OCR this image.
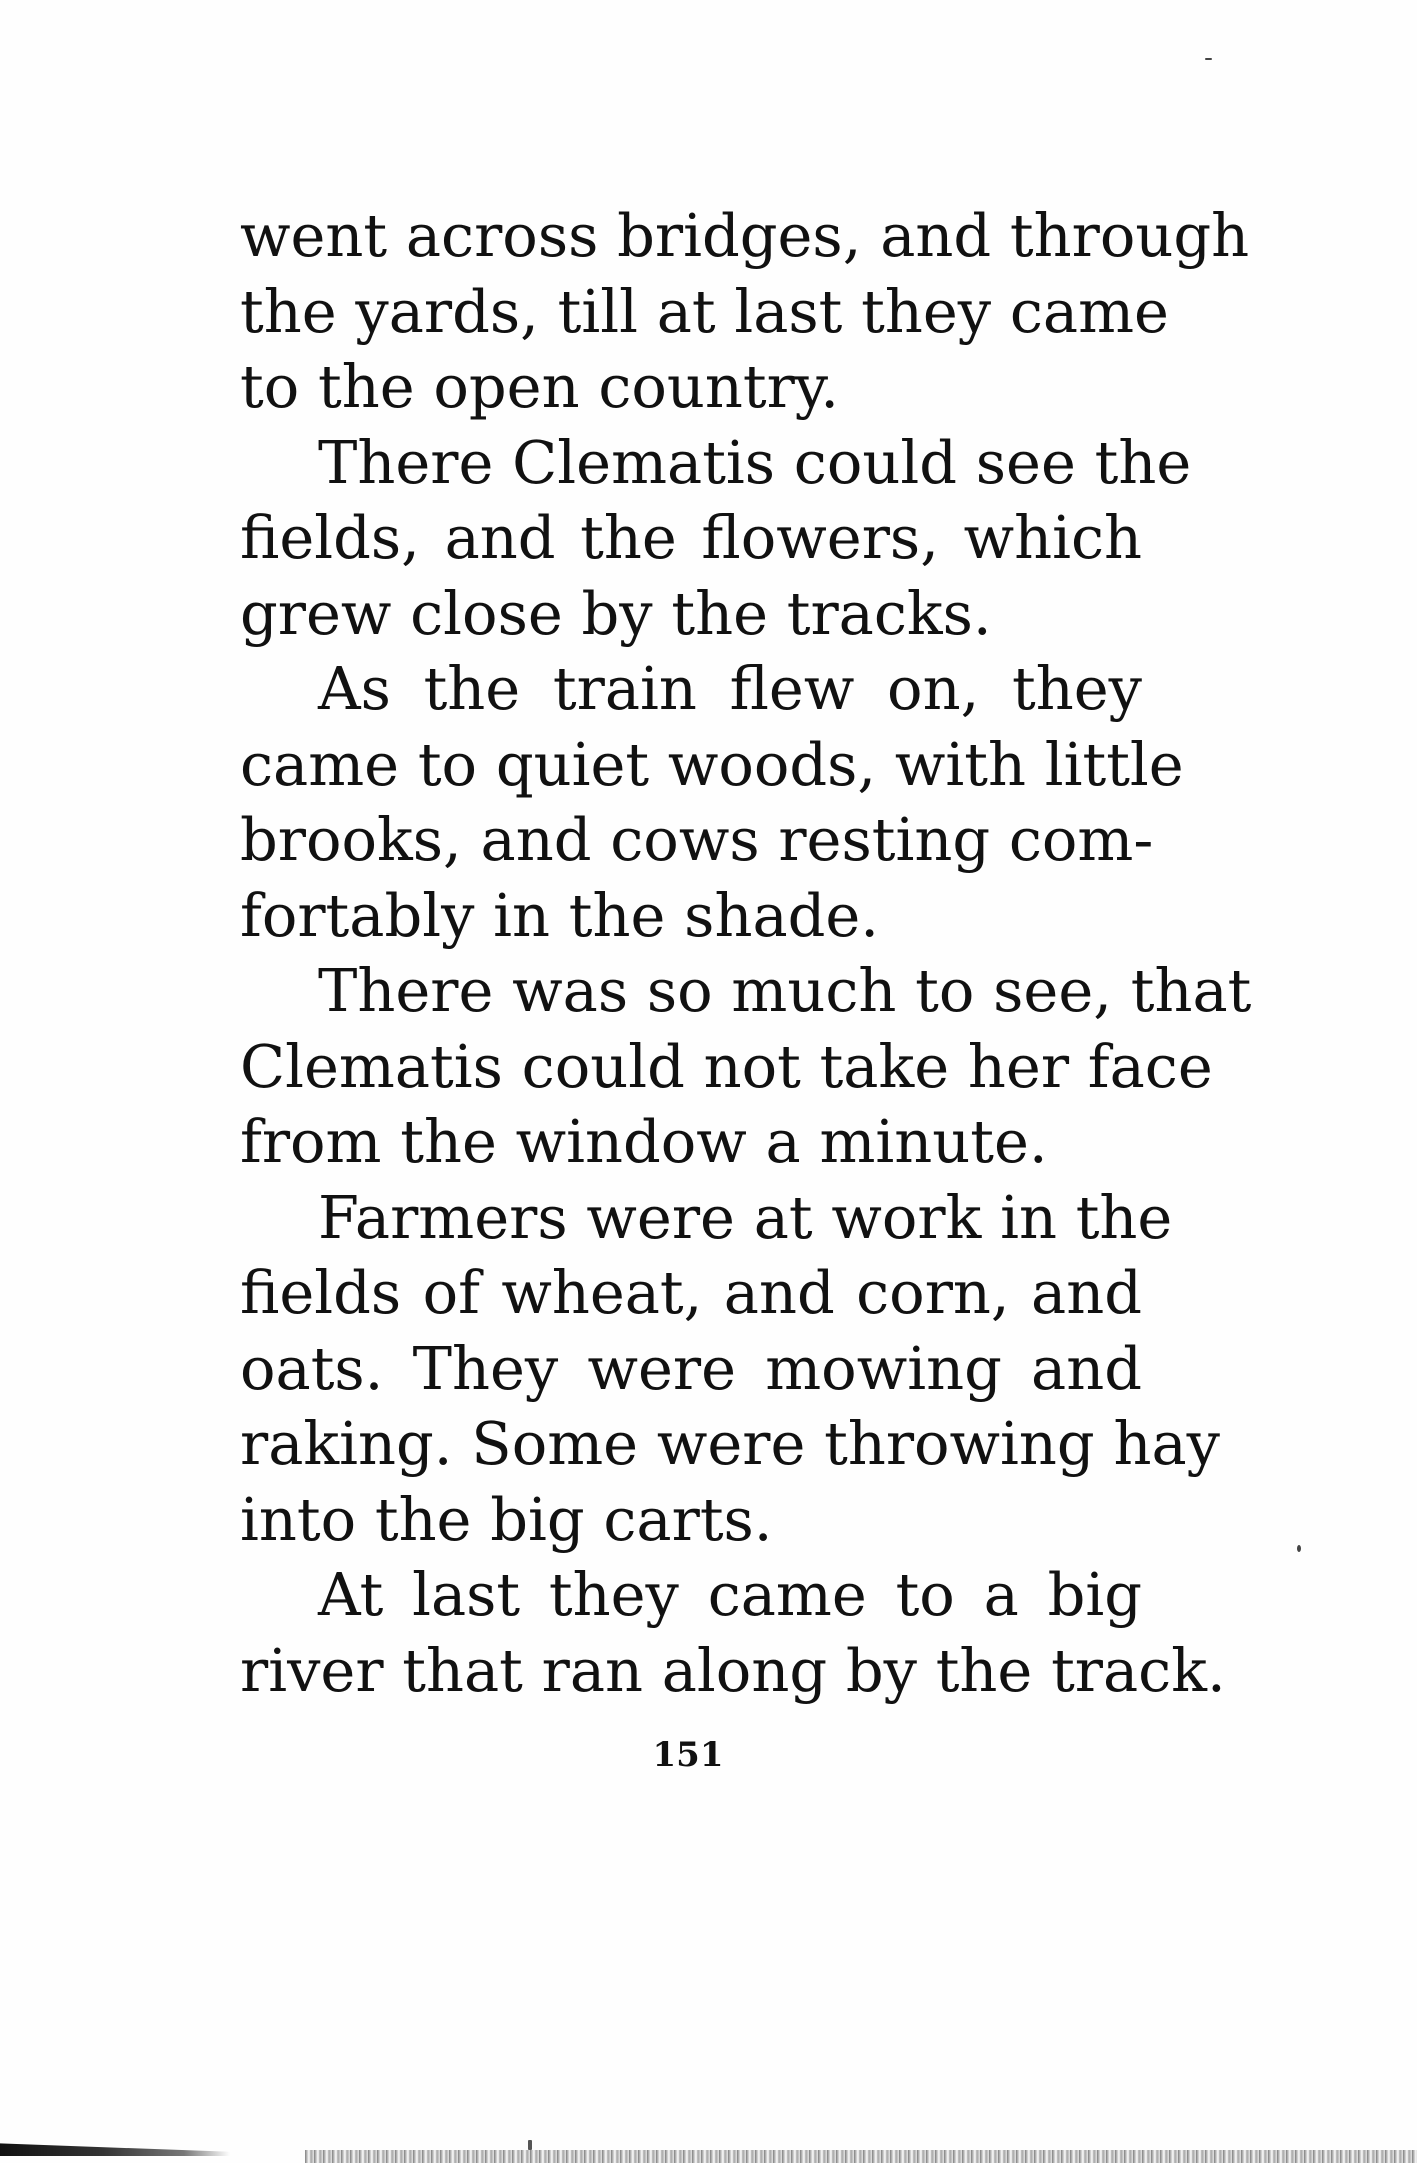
went across bridges, and through
the yards, till at last they came
to the open country.
There Clematis could see the
fields, and the flowers, which
grew close by the tracks.
As the train flew on, they
came to quiet woods, with little
brooks, and cows resting com-
fortably in the shade.
There was so much to see, that
Clematis could not take her face
from the window a minute.
Farmers were at work in the
fields of wheat, and corn, and
oats. They were mowing and
raking. Some were throwing hay
into the big carts.
At last they came to a big
river that ran along by the track.
151
